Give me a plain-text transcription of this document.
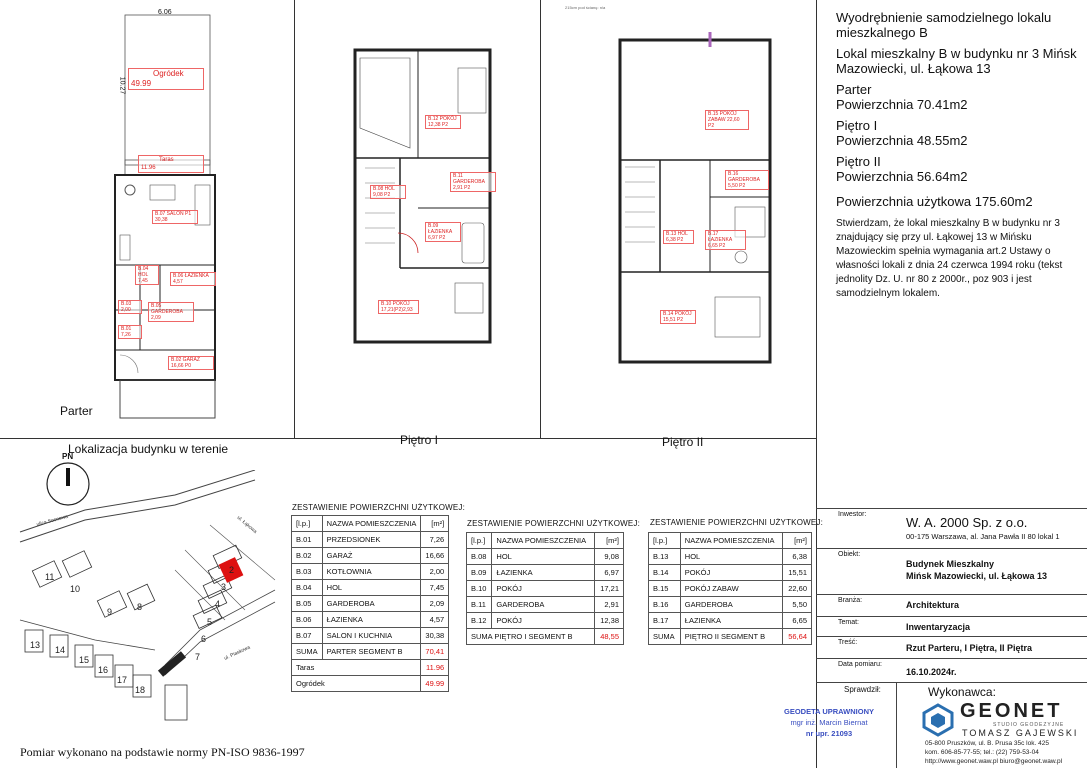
6.06
10.27
Ogródek
49.99
Taras
11.96
B.07 SALON P1 30,38
B.06 ŁAZIENKA 4,57
B.05 GARDEROBA 2,09
B.01 7,26
B.02 GARAŻ 16,66 P0
B.04 HOL 7,45
B.03 2,00
Parter
B.12 POKÓJ 12,38 P2
B.08 HOL 9,08 P2
B.11 GARDEROBA 2,91 P2
B.09 ŁAZIENKA 6,97 P2
B.10 POKÓJ 17,21(P2)2,93
Piętro I
215cm pod ścianę: n/a
B.15 POKÓJ ZABAW 22,60 P2
B.16 GARDEROBA 5,50 P2
B.13 HOL 6,38 P2
B.17 ŁAZIENKA 6,65 P2
B.14 POKÓJ 15,51 P2
Piętro II

Wyodrębnienie samodzielnego lokalu mieszkalnego B

Lokal mieszkalny B w budynku nr 3 Mińsk Mazowiecki, ul. Łąkowa 13

Parter
Powierzchnia 70.41m2

Piętro I
Powierzchnia 48.55m2

Piętro II
Powierzchnia 56.64m2

Powierzchnia użytkowa 175.60m2

Stwierdzam, że lokal mieszkalny B w budynku nr 3 znajdujący się przy ul. Łąkowej 13 w Mińsku Mazowieckim spełnia wymagania art.2 Ustawy o własności lokali z dnia 24 czerwca 1994 roku (tekst jednolity Dz. U. nr 80 z 2000r., poz 903 i jest samodzielnym lokalem.

Lokalizacja budynku w terenie
PN
11
10
9	8
7
6
5
4
3
2
13 14
15
16
17
18
ulica Sosnowa	ul. Łąkowa
ul. Piaskowa
Pomiar wykonano na podstawie normy PN-ISO 9836-1997
ZESTAWIENIE POWIERZCHNI UŻYTKOWEJ:
[l.p.]	NAZWA POMIESZCZENIA	[m²]
B.01	PRZEDSIONEK	7,26
B.02	GARAŻ	16,66
B.03	KOTŁOWNIA	2,00
B.04	HOL	7,45
B.05	GARDEROBA	2,09
B.06	ŁAZIENKA	4,57
B.07	SALON I KUCHNIA	30,38
SUMA	PARTER SEGMENT B	70,41
Taras		11.96
Ogródek		49.99
ZESTAWIENIE POWIERZCHNI UŻYTKOWEJ:
[l.p.]	NAZWA POMIESZCZENIA	[m²]
B.08	HOL	9,08
B.09	ŁAZIENKA	6,97
B.10	POKÓJ	17,21
B.11	GARDEROBA	2,91
B.12	POKÓJ	12,38
SUMA PIĘTRO I SEGMENT B		48,55
ZESTAWIENIE POWIERZCHNI UŻYTKOWEJ:
[l.p.]	NAZWA POMIESZCZENIA	[m²]
B.13	HOL	6,38
B.14	POKÓJ	15,51
B.15	POKÓJ ZABAW	22,60
B.16	GARDEROBA	5,50
B.17	ŁAZIENKA	6,65
SUMA	PIĘTRO II SEGMENT B	56,64
GEODETA UPRAWNIONY
mgr inż. Marcin Biernat
nr upr. 21093
Inwestor:
W. A. 2000 Sp. z o.o.
00-175 Warszawa, al. Jana Pawła II 80 lokal 1
Obiekt:
Budynek Mieszkalny
Mińsk Mazowiecki, ul. Łąkowa 13
Branża:	Architektura
Temat:	Inwentaryzacja
Treść:
Rzut Parteru, I Piętra, II Piętra
Data pomiaru:
16.10.2024r.
Sprawdził:	Wykonawca:
GEONET
STUDIO GEODEZYJNE
TOMASZ GAJEWSKI
05-800 Pruszków, ul. B. Prusa 35c lok. 425
kom. 606-85-77-55; tel.: (22) 759-53-04
http://www.geonet.waw.pl biuro@geonet.waw.pl
